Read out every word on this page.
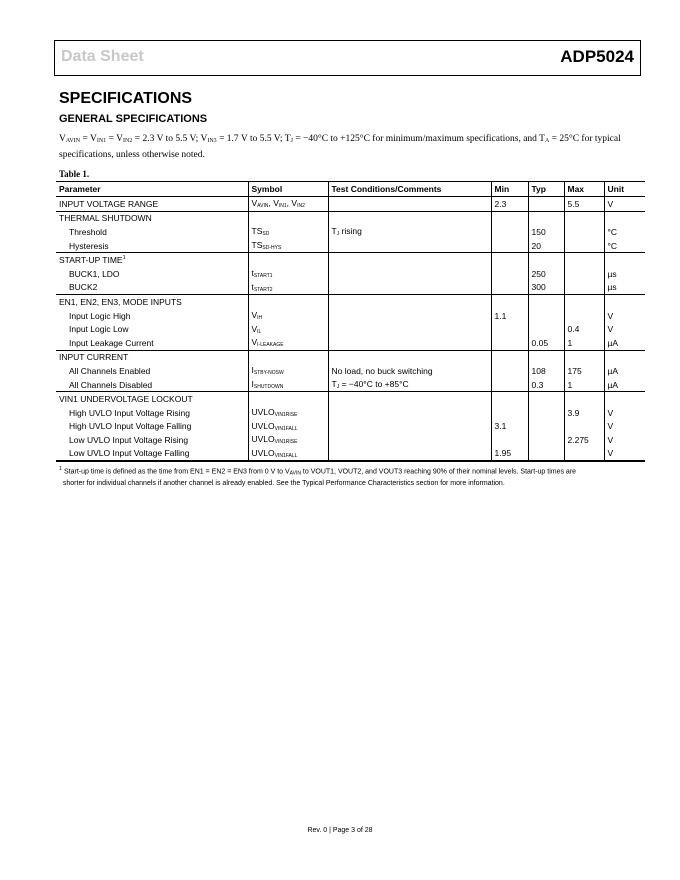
Data Sheet	ADP5024
SPECIFICATIONS
GENERAL SPECIFICATIONS
$V_{AVIN} = V_{IN1} = V_{IN2} = 2.3$ V to 5.5 V; $V_{IN3} = 1.7$ V to 5.5 V; $T_J = -40^\circ C$ to +125°C for minimum/maximum specifications, and $T_A = 25^\circ C$ for typical specifications, unless otherwise noted.
Table 1.
Parameter	Symbol	Test Conditions/Comments	Min	Typ	Max	Unit
INPUT VOLTAGE RANGE	$V_{AVIN}$, $V_{IN1}$, $V_{IN2}$		2.3		5.5	V
THERMAL SHUTDOWN						
Threshold	$TS_{SD}$	$T_J$ rising		150		°C
Hysteresis	$TS_{SD-HYS}$			20		°C
START-UP TIME$^1$						
BUCK1, LDO	$t_{START1}$			250		µs
BUCK2	$t_{START2}$			300		µs
EN1, EN2, EN3, MODE INPUTS						
Input Logic High	$V_{IH}$		1.1			V
Input Logic Low	$V_{IL}$				0.4	V
Input Leakage Current	$V_{I-LEAKAGE}$			0.05	1	µA
INPUT CURRENT						
All Channels Enabled	$I_{STBY-NOSW}$	No load, no buck switching		108	175	µA
All Channels Disabled	$I_{SHUTDOWN}$	$T_J = -40^\circ C$ to +85°C		0.3	1	µA
VIN1 UNDERVOLTAGE LOCKOUT						
High UVLO Input Voltage Rising	$UVLO_{VIN1RISE}$				3.9	V
High UVLO Input Voltage Falling	$UVLO_{VIN1FALL}$		3.1			V
Low UVLO Input Voltage Rising	$UVLO_{VIN1RISE}$				2.275	V
Low UVLO Input Voltage Falling	$UVLO_{VIN1FALL}$		1.95			V
$^1$ Start-up time is defined as the time from EN1 = EN2 = EN3 from 0 V to $V_{AVIN}$ to VOUT1, VOUT2, and VOUT3 reaching 90% of their nominal levels. Start-up times are
shorter for individual channels if another channel is already enabled. See the Typical Performance Characteristics section for more information.
Rev. 0 | Page 3 of 28
